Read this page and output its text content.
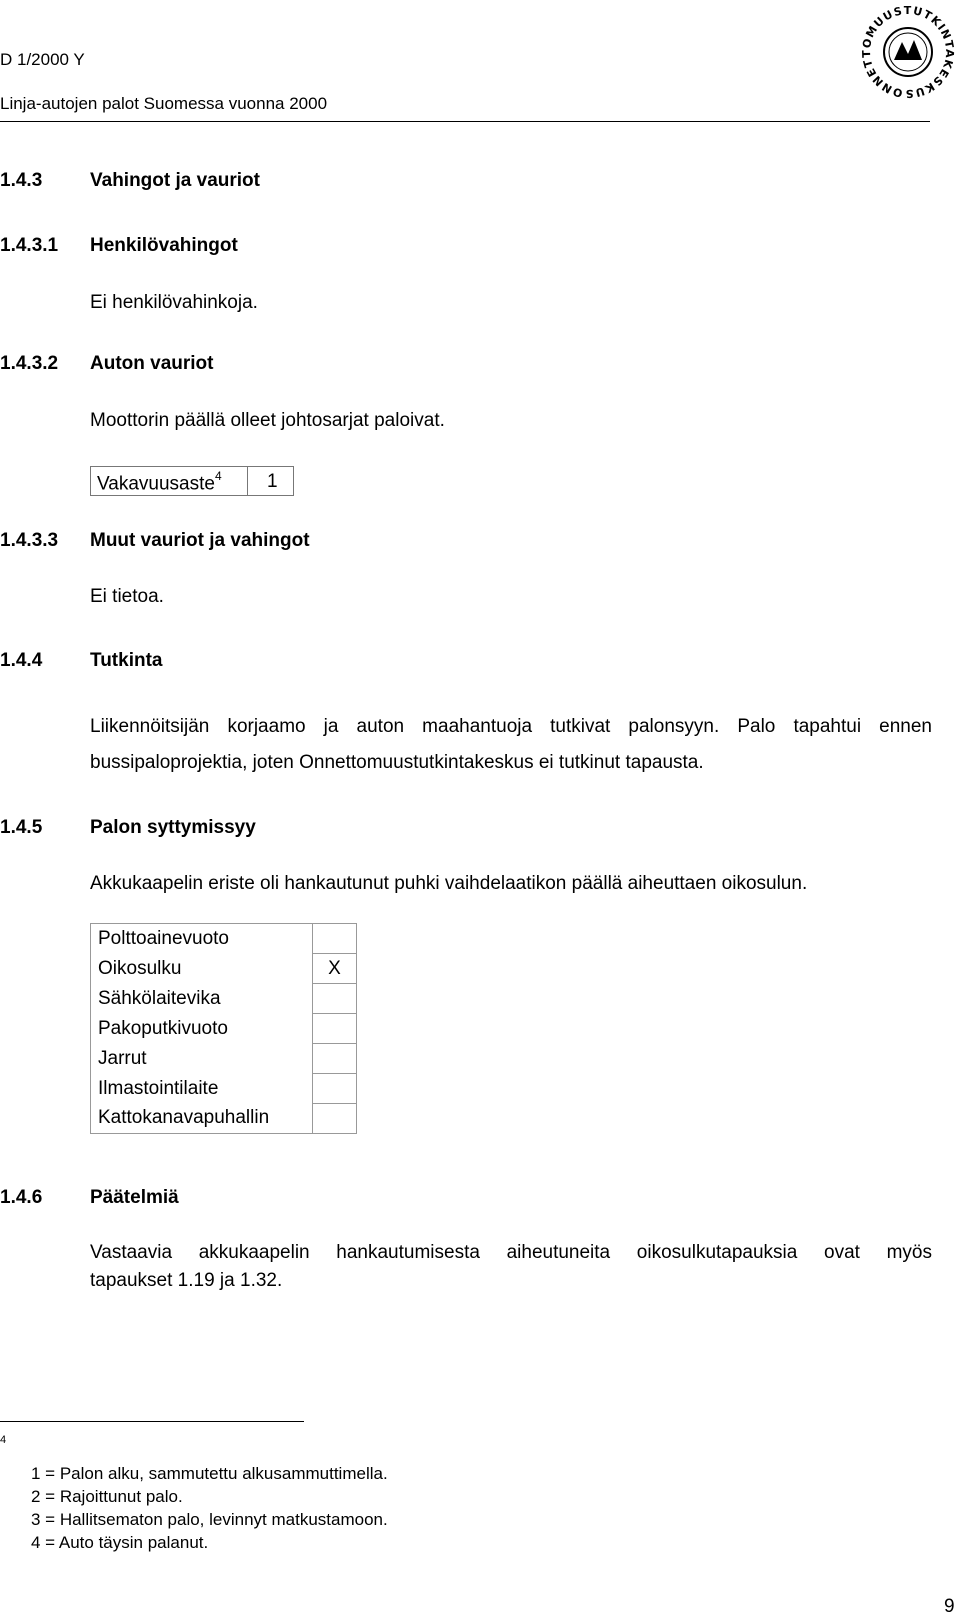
D 1/2000 Y
Linja-autojen palot Suomessa vuonna 2000
ONNETTOMUUSTUTKINTAKESKUS
1.4.3	Vahingot ja vauriot
1.4.3.1 Henkilövahingot
Ei henkilövahinkoja.
1.4.3.2 Auton vauriot
Moottorin päällä olleet johtosarjat paloivat.
Vakavuusaste$^4$ 1
1.4.3.3 Muut vauriot ja vahingot
Ei tietoa.
1.4.4	Tutkinta
Liikennöitsijän korjaamo ja auton maahantuoja tutkivat palonsyyn. Palo tapahtui ennen
bussipaloprojektia, joten Onnettomuustutkintakeskus ei tutkinut tapausta.
1.4.5	Palon syttymissyy
Akkukaapelin eriste oli hankautunut puhki vaihdelaatikon päällä aiheuttaen oikosulun.
Polttoainevuoto	
Oikosulku	X
Sähkölaitevika	
Pakoputkivuoto	
Jarrut	
Ilmastointilaite	
Kattokanavapuhallin	
1.4.6	Päätelmiä
Vastaavia akkukaapelin hankautumisesta aiheutuneita oikosulkutapauksia ovat myös
tapaukset 1.19 ja 1.32.
$^4$
1 = Palon alku, sammutettu alkusammuttimella.
2 = Rajoittunut palo.
3 = Hallitsematon palo, levinnyt matkustamoon.
4 = Auto täysin palanut.
9
